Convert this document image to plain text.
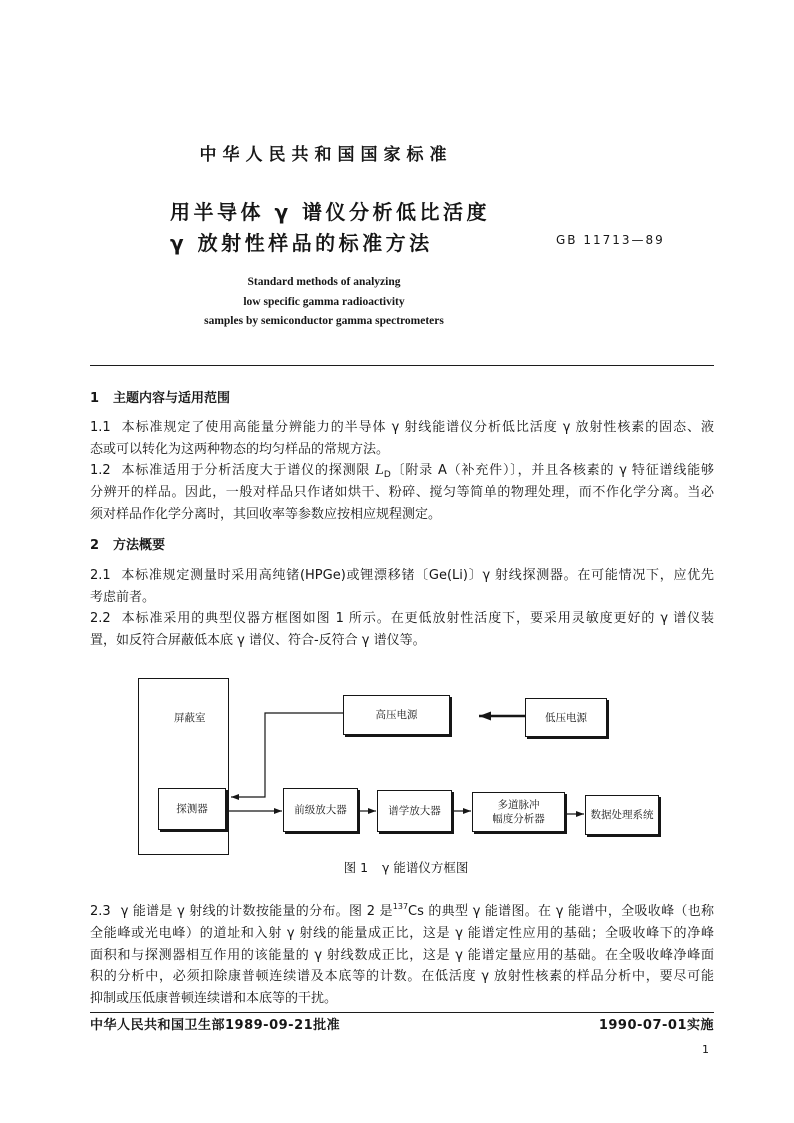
中华人民共和国国家标准
用半导体 γ 谱仪分析低比活度
γ 放射性样品的标准方法	GB 11713—89
Standard methods of analyzing
low specific gamma radioactivity
samples by semiconductor gamma spectrometers
1 主题内容与适用范围
1.1 本标准规定了使用高能量分辨能力的半导体 γ 射线能谱仪分析低比活度 γ 放射性核素的固态、液
态或可以转化为这两种物态的均匀样品的常规方法。
1.2 本标准适用于分析活度大于谱仪的探测限 $L_D$〔附录 A（补充件）〕，并且各核素的 γ 特征谱线能够
分辨开的样品。因此，一般对样品只作诸如烘干、粉碎、搅匀等简单的物理处理，而不作化学分离。当必
须对样品作化学分离时，其回收率等参数应按相应规程测定。
2 方法概要
2.1 本标准规定测量时采用高纯锗(HPGe)或锂漂移锗〔Ge(Li)〕γ 射线探测器。在可能情况下，应优先
考虑前者。
2.2 本标准采用的典型仪器方框图如图 1 所示。在更低放射性活度下，要采用灵敏度更好的 γ 谱仪装
置，如反符合屏蔽低本底 γ 谱仪、符合-反符合 γ 谱仪等。
屏蔽室
探测器
高压电源	低压电源
前级放大器	谱学放大器	多道脉冲
幅度分析器	数据处理系统
图 1 γ 能谱仪方框图
2.3 γ 能谱是 γ 射线的计数按能量的分布。图 2 是$^{137}$Cs 的典型 γ 能谱图。在 γ 能谱中，全吸收峰（也称
全能峰或光电峰）的道址和入射 γ 射线的能量成正比，这是 γ 能谱定性应用的基础；全吸收峰下的净峰
面积和与探测器相互作用的该能量的 γ 射线数成正比，这是 γ 能谱定量应用的基础。在全吸收峰净峰面
积的分析中，必须扣除康普顿连续谱及本底等的计数。在低活度 γ 放射性核素的样品分析中，要尽可能
抑制或压低康普顿连续谱和本底等的干扰。
中华人民共和国卫生部1989-09-21批准	1990-07-01实施
1
